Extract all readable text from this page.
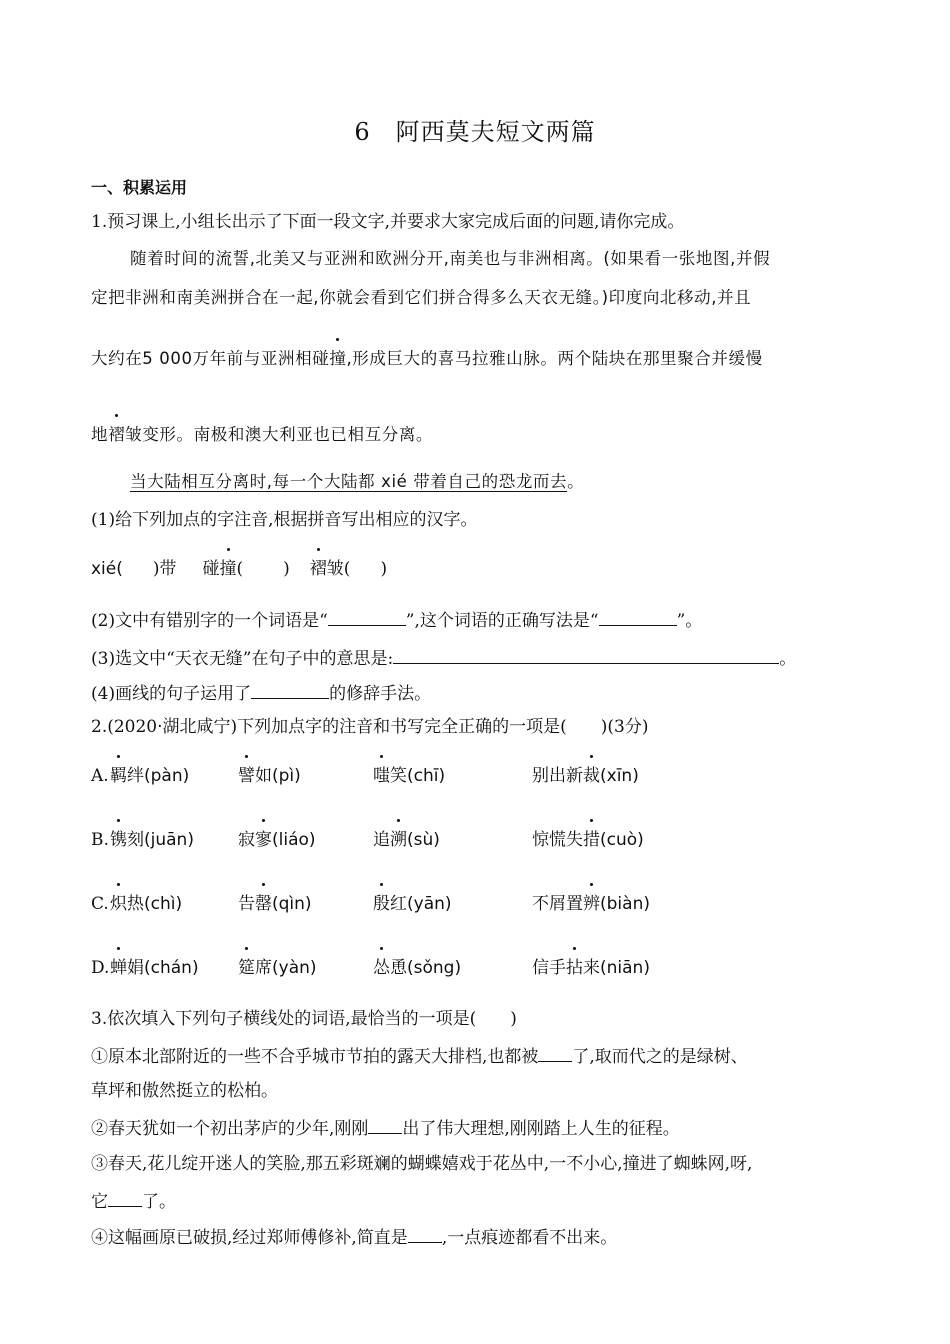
6　阿西莫夫短文两篇
一、积累运用
1.预习课上,小组长出示了下面一段文字,并要求大家完成后面的问题,请你完成。
随着时间的流誓,北美又与亚洲和欧洲分开,南美也与非洲相离。(如果看一张地图,并假
定把非洲和南美洲拼合在一起,你就会看到它们拼合得多么天衣无缝。)印度向北移动,并且
大约在5 000万年前与亚洲相碰撞,形成巨大的喜马拉雅山脉。两个陆块在那里聚合并缓慢
地褶皱变形。南极和澳大利亚也已相互分离。
当大陆相互分离时,每一个大陆都 xié 带着自己的恐龙而去。
(1)给下列加点的字注音,根据拼音写出相应的汉字。
xié( )带 碰撞( ) 褶皱( )
(2)文中有错别字的一个词语是“	”,这个词语的正确写法是“	”。
(3)选文中“天衣无缝”在句子中的意思是:	。
(4)画线的句子运用了	的修辞手法。
2.(2020·湖北咸宁)下列加点字的注音和书写完全正确的一项是(　　)(3分)
A. 羁绊(pàn)	譬如(pì)	嗤笑(chī)	别出新裁(xīn)
B. 镌刻(juān)	寂寥(liáo)	追溯(sù)	惊慌失措(cuò)
C. 炽热(chì)	告罄(qìn)	殷红(yān)	不屑置辨(biàn)
D. 蝉娟(chán) 筵席(yàn)	怂恿(sǒng)	信手拈来(niān)
3.依次填入下列句子横线处的词语,最恰当的一项是(　　)
①原本北部附近的一些不合乎城市节拍的露天大排档,也都被 了,取而代之的是绿树、
草坪和傲然挺立的松柏。
②春天犹如一个初出茅庐的少年,刚刚 出了伟大理想,刚刚踏上人生的征程。
③春天,花儿绽开迷人的笑脸,那五彩斑斓的蝴蝶嬉戏于花丛中,一不小心,撞进了蜘蛛网,呀,
它 了。
④这幅画原已破损,经过郑师傅修补,简直是 ,一点痕迹都看不出来。
